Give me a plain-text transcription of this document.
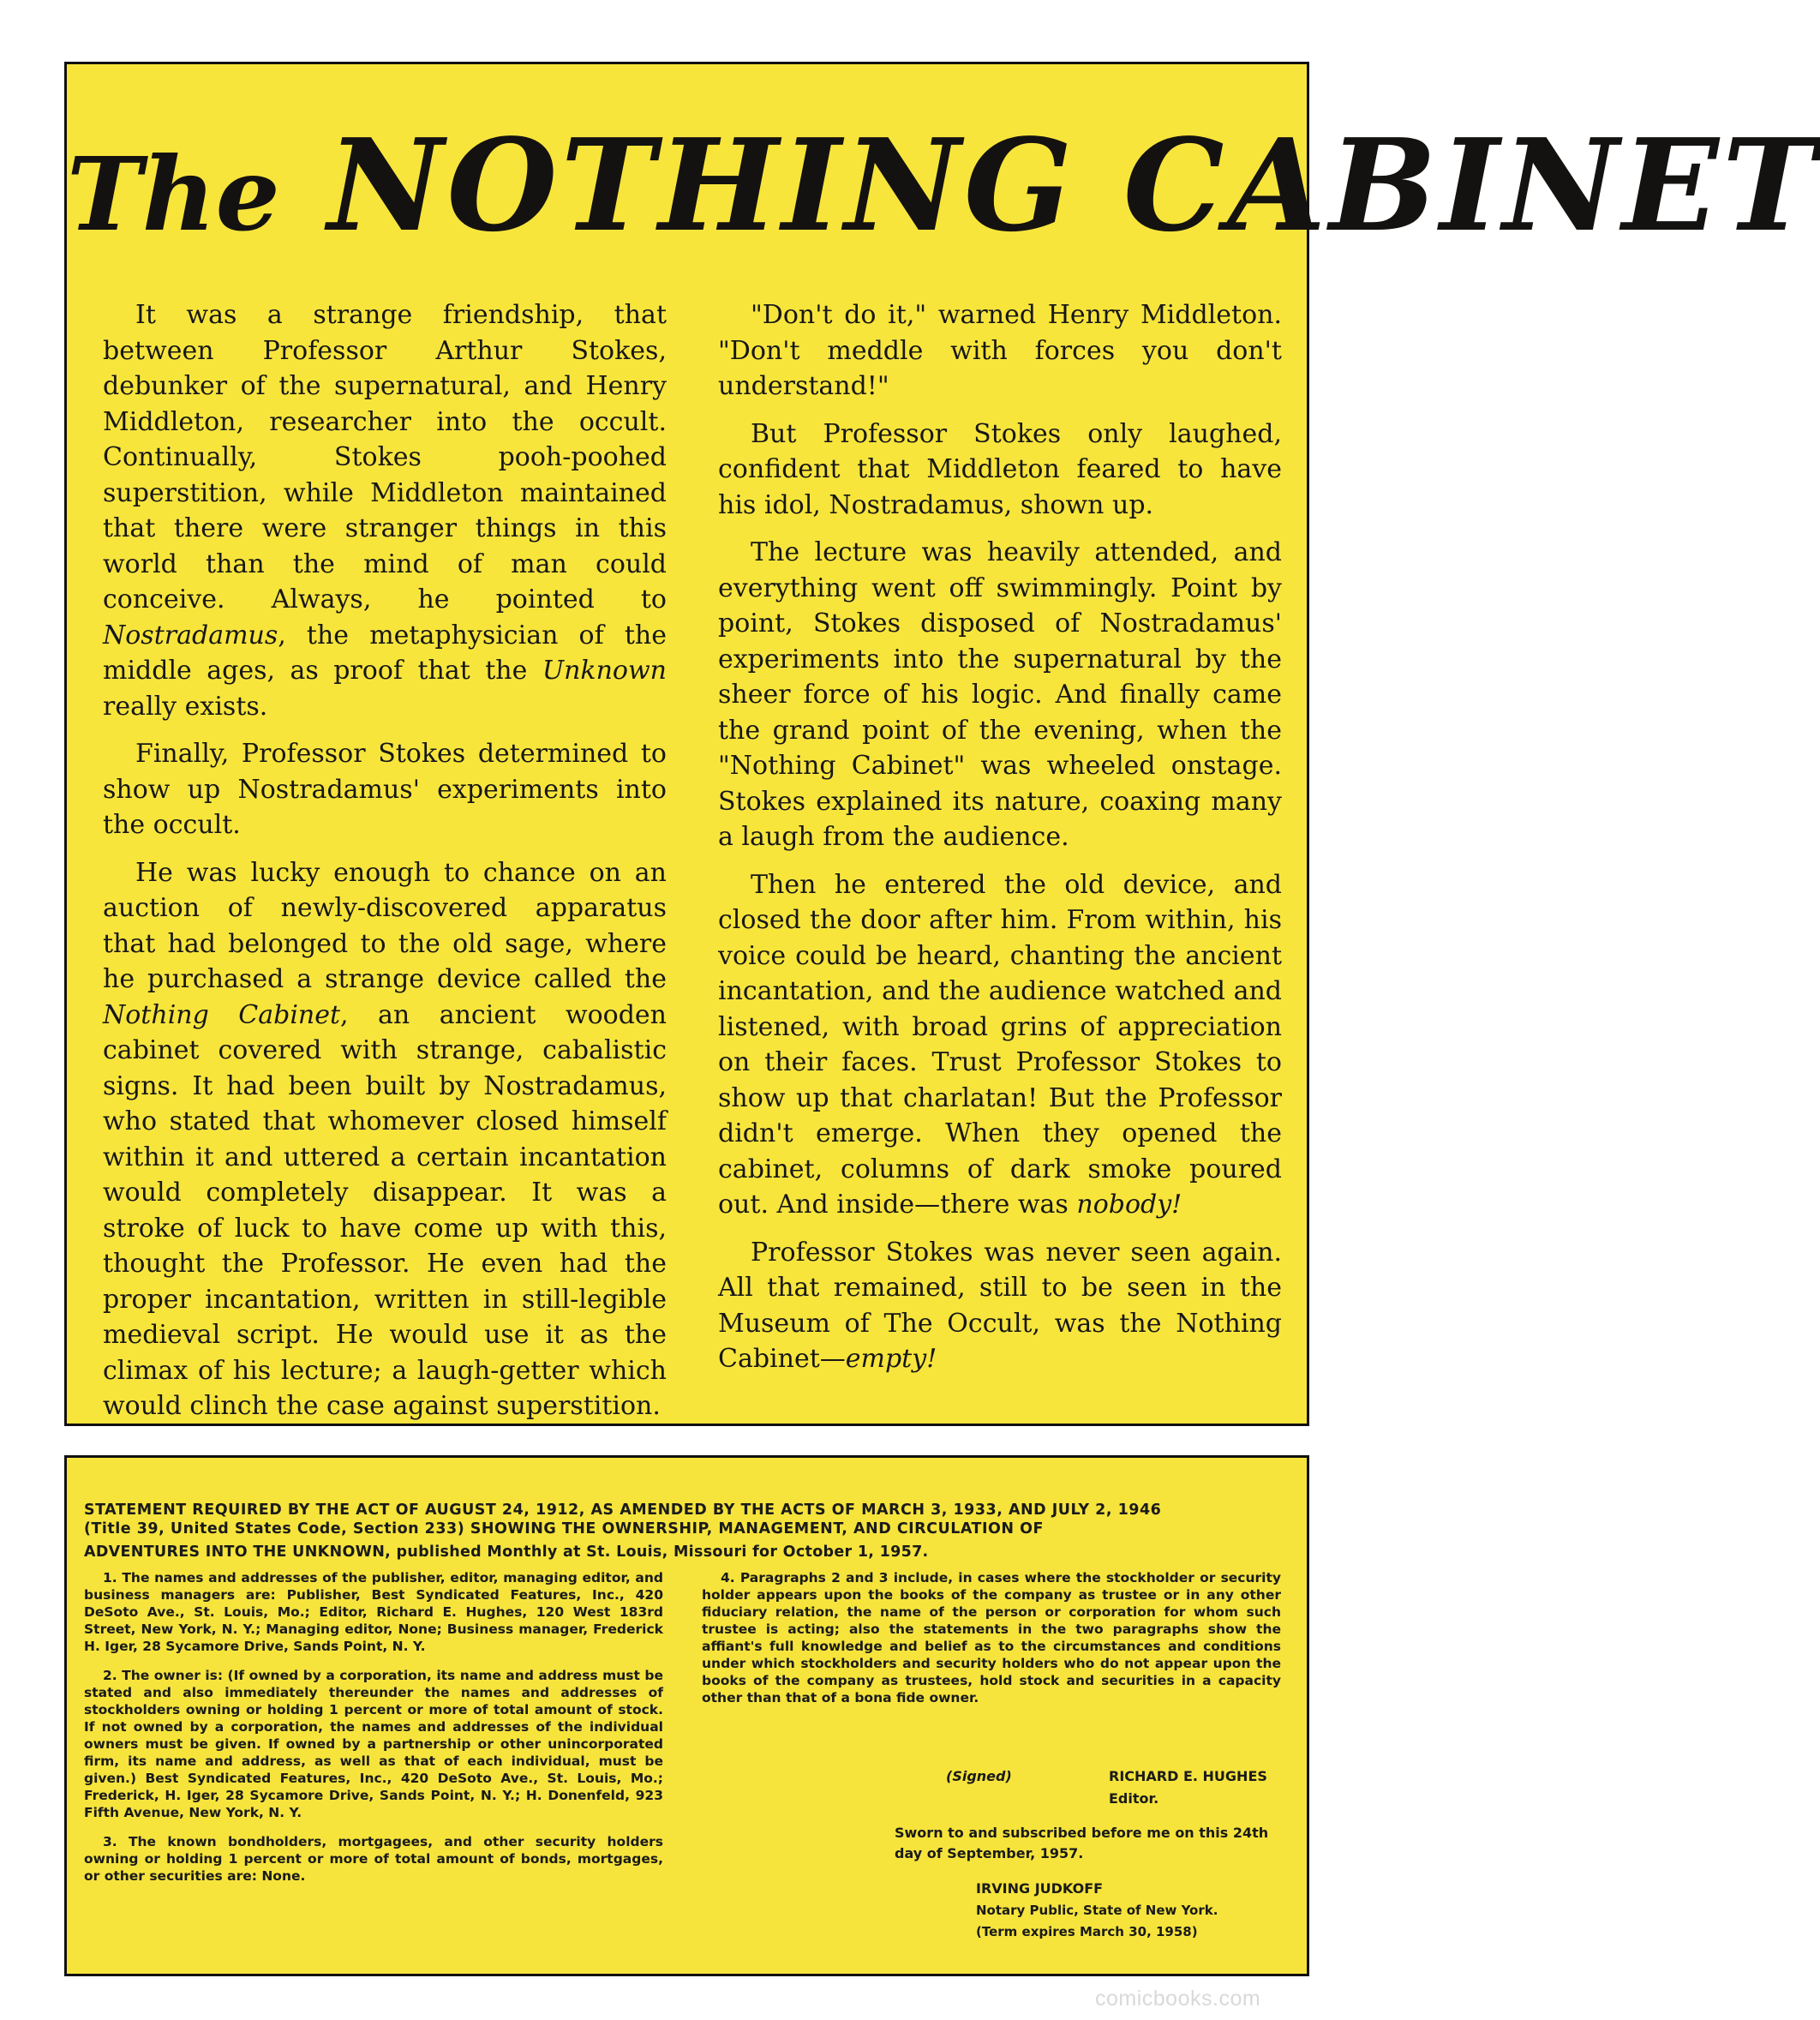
The NOTHING CABINET

It was a strange friendship, that between Professor Arthur Stokes, debunker of the supernatural, and Henry Middleton, researcher into the occult. Continually, Stokes pooh-poohed superstition, while Middleton maintained that there were stranger things in this world than the mind of man could conceive. Always, he pointed to Nostradamus, the metaphysician of the middle ages, as proof that the Unknown really exists.

Finally, Professor Stokes determined to show up Nostradamus' experiments into the occult.

He was lucky enough to chance on an auction of newly-discovered apparatus that had belonged to the old sage, where he purchased a strange device called the Nothing Cabinet, an ancient wooden cabinet covered with strange, cabalistic signs. It had been built by Nostradamus, who stated that whomever closed himself within it and uttered a certain incantation would completely disappear. It was a stroke of luck to have come up with this, thought the Professor. He even had the proper incantation, written in still-legible medieval script. He would use it as the climax of his lecture; a laugh-getter which would clinch the case against superstition.

"Don't do it," warned Henry Middleton. "Don't meddle with forces you don't understand!"

But Professor Stokes only laughed, confident that Middleton feared to have his idol, Nostradamus, shown up.

The lecture was heavily attended, and everything went off swimmingly. Point by point, Stokes disposed of Nostradamus' experiments into the supernatural by the sheer force of his logic. And finally came the grand point of the evening, when the "Nothing Cabinet" was wheeled onstage. Stokes explained its nature, coaxing many a laugh from the audience.

Then he entered the old device, and closed the door after him. From within, his voice could be heard, chanting the ancient incantation, and the audience watched and listened, with broad grins of appreciation on their faces. Trust Professor Stokes to show up that charlatan! But the Professor didn't emerge. When they opened the cabinet, columns of dark smoke poured out. And inside—there was nobody!

Professor Stokes was never seen again. All that remained, still to be seen in the Museum of The Occult, was the Nothing Cabinet—empty!

STATEMENT REQUIRED BY THE ACT OF AUGUST 24, 1912, AS AMENDED BY THE ACTS OF MARCH 3, 1933, AND JULY 2, 1946
(Title 39, United States Code, Section 233) SHOWING THE OWNERSHIP, MANAGEMENT, AND CIRCULATION OF
ADVENTURES INTO THE UNKNOWN, published Monthly at St. Louis, Missouri for October 1, 1957.

1. The names and addresses of the publisher, editor, managing editor, and business managers are: Publisher, Best Syndicated Features, Inc., 420 DeSoto Ave., St. Louis, Mo.; Editor, Richard E. Hughes, 120 West 183rd Street, New York, N. Y.; Managing editor, None; Business manager, Frederick H. Iger, 28 Sycamore Drive, Sands Point, N. Y.

2. The owner is: (If owned by a corporation, its name and address must be stated and also immediately thereunder the names and addresses of stockholders owning or holding 1 percent or more of total amount of stock. If not owned by a corporation, the names and addresses of the individual owners must be given. If owned by a partnership or other unincorporated firm, its name and address, as well as that of each individual, must be given.) Best Syndicated Features, Inc., 420 DeSoto Ave., St. Louis, Mo.; Frederick, H. Iger, 28 Sycamore Drive, Sands Point, N. Y.; H. Donenfeld, 923 Fifth Avenue, New York, N. Y.

3. The known bondholders, mortgagees, and other security holders owning or holding 1 percent or more of total amount of bonds, mortgages, or other securities are: None.

4. Paragraphs 2 and 3 include, in cases where the stockholder or security holder appears upon the books of the company as trustee or in any other fiduciary relation, the name of the person or corporation for whom such trustee is acting; also the statements in the two paragraphs show the affiant's full knowledge and belief as to the circumstances and conditions under which stockholders and security holders who do not appear upon the books of the company as trustees, hold stock and securities in a capacity other than that of a bona fide owner.

(Signed)	RICHARD E. HUGHES
Editor.
Sworn to and subscribed before me on this 24th day of September, 1957.
IRVING JUDKOFF
Notary Public, State of New York.
(Term expires March 30, 1958)
comicbooks.com
